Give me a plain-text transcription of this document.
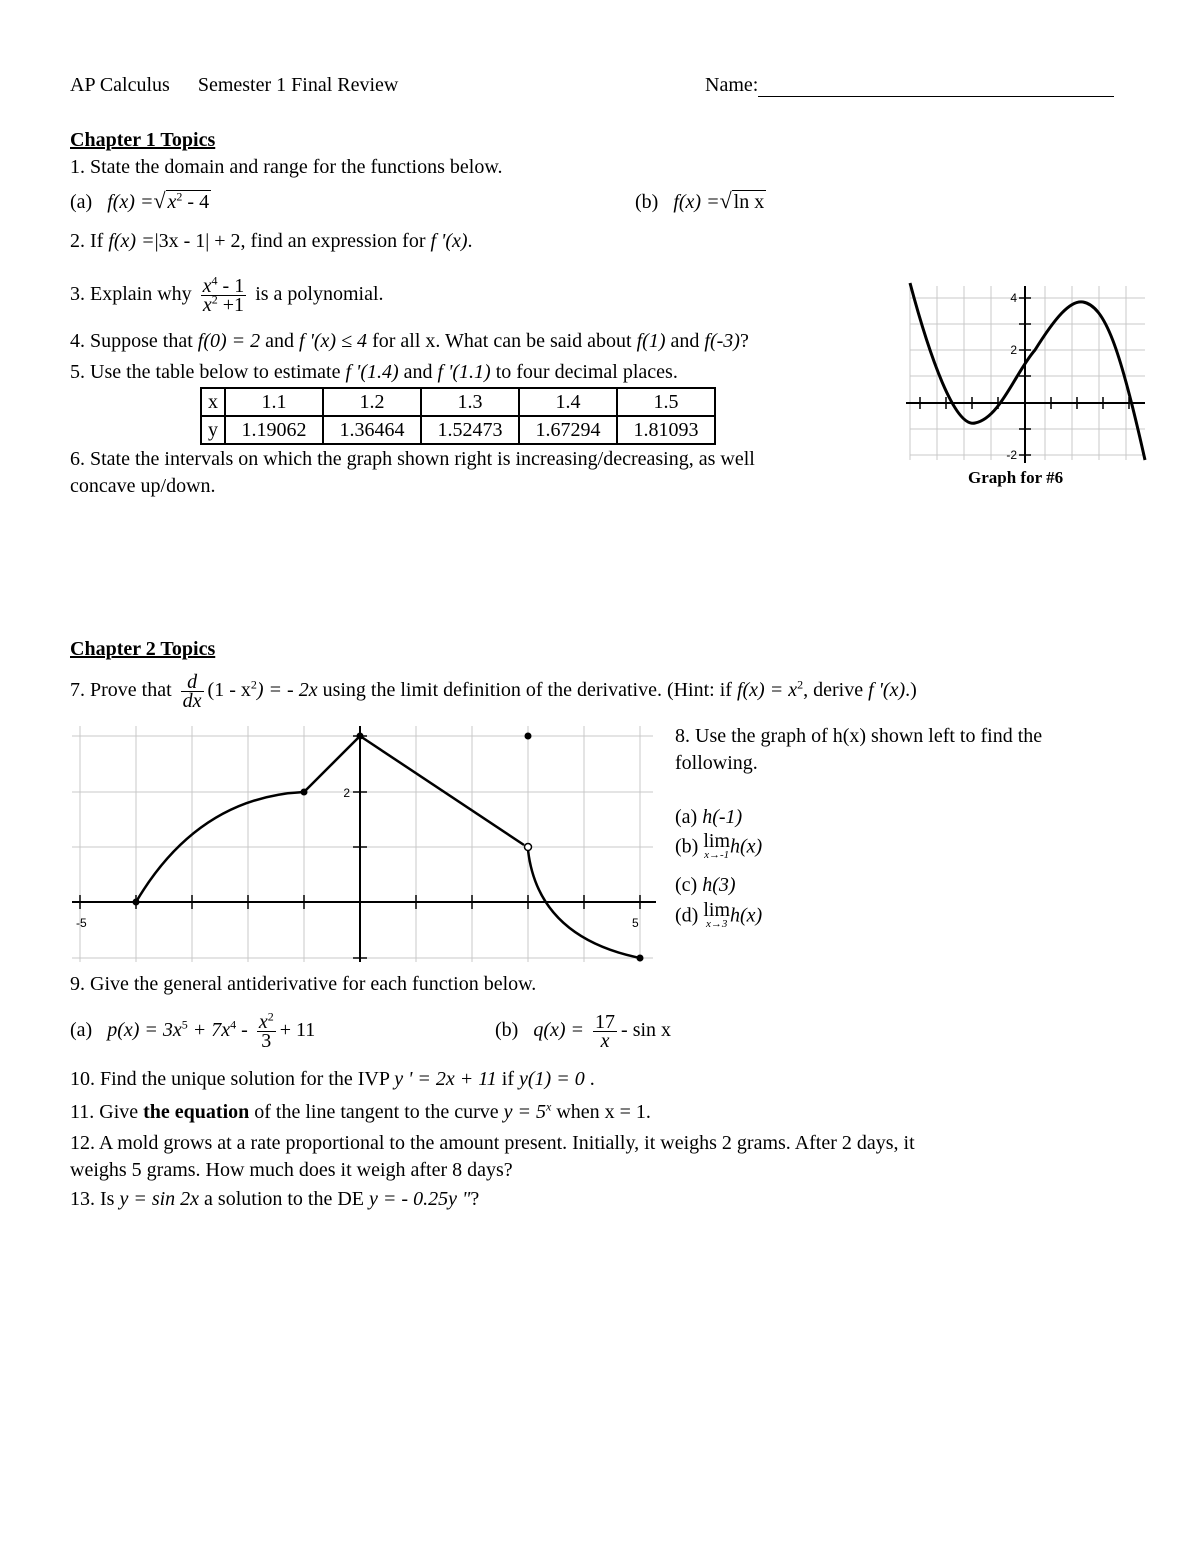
AP Calculus Semester 1 Final Review	Name:
Chapter 1 Topics
1. State the domain and range for the functions below.
(a) f(x) =√ $x^2 - 4$	(b) f(x) =√ ln x
2. If f(x) =|3x - 1| + 2, find an expression for f '(x).
3. Explain why $\frac{x^4 - 1}{x^2 +1}$ is a polynomial.
4. Suppose that f(0) = 2 and f '(x) ≤ 4 for all x. What can be said about f(1) and f(-3)?
5. Use the table below to estimate f '(1.4) and f '(1.1) to four decimal places.
x	1.1	1.2	1.3	1.4	1.5
y	1.19062	1.36464	1.52473	1.67294	1.81093
6. State the intervals on which the graph shown right is increasing/decreasing, as well
concave up/down.
4
2
-2
Graph for #6
Chapter 2 Topics
7. Prove that $\frac{d}{dx} (1 - x^2)$ = - 2x using the limit definition of the derivative. (Hint: if $f(x) = x^2$, derive f '(x).)
2
-5	5
8. Use the graph of h(x) shown left to find the
following.
(a) h(-1)
(b) lim
x→-1 h(x)
(c) h(3)
(d) lim
x→3 h(x)
9. Give the general antiderivative for each function below.
(a) $p(x) = 3x^5 + 7x^4 - \frac{x^2}{3} + 11$	(b) $q(x) = \frac{17}{x} - \sin x$
10. Find the unique solution for the IVP y ' = 2x + 11 if y(1) = 0 .
11. Give the equation of the line tangent to the curve $y = 5^x$ when x = 1.
12. A mold grows at a rate proportional to the amount present. Initially, it weighs 2 grams. After 2 days, it
weighs 5 grams. How much does it weigh after 8 days?
13. Is y = sin 2x a solution to the DE y = - 0.25y "?
